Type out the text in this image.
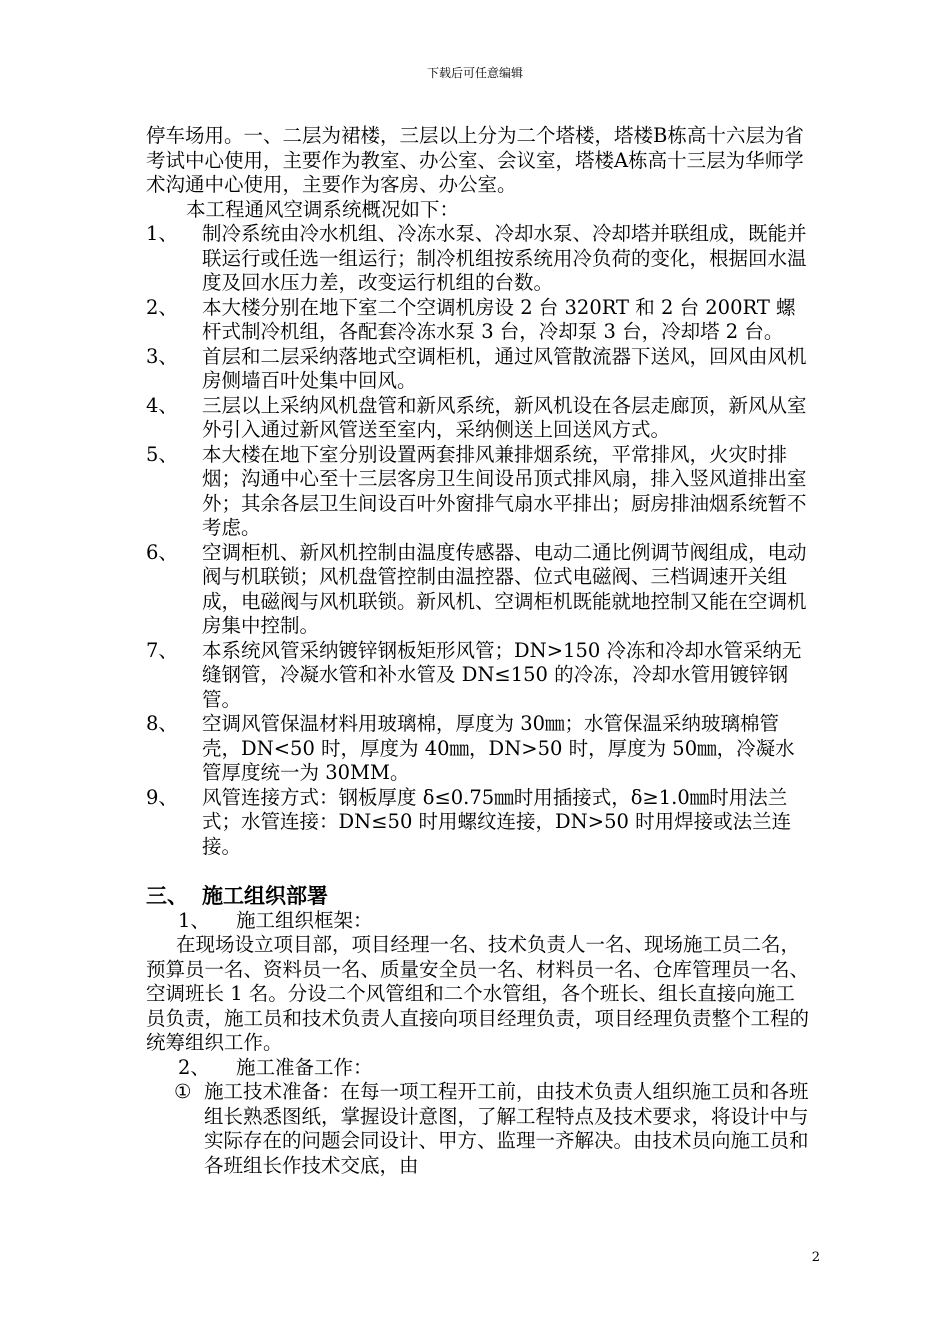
下载后可任意编辑

停车场用。一、二层为裙楼，三层以上分为二个塔楼，塔楼B栋高十六层为省考试中心使用，主要作为教室、办公室、会议室，塔楼A栋高十三层为华师学术沟通中心使用，主要作为客房、办公室。

本工程通风空调系统概况如下：

1、	制冷系统由冷水机组、冷冻水泵、冷却水泵、冷却塔并联组成，既能并联运行或任选一组运行；制冷机组按系统用冷负荷的变化，根据回水温度及回水压力差，改变运行机组的台数。
2、	本大楼分别在地下室二个空调机房设 2 台 320RT 和 2 台 200RT 螺杆式制冷机组，各配套冷冻水泵 3 台，冷却泵 3 台，冷却塔 2 台。
3、	首层和二层采纳落地式空调柜机，通过风管散流器下送风，回风由风机房侧墙百叶处集中回风。
4、	三层以上采纳风机盘管和新风系统，新风机设在各层走廊顶，新风从室外引入通过新风管送至室内，采纳侧送上回送风方式。
5、	本大楼在地下室分别设置两套排风兼排烟系统，平常排风，火灾时排烟；沟通中心至十三层客房卫生间设吊顶式排风扇，排入竖风道排出室外；其余各层卫生间设百叶外窗排气扇水平排出；厨房排油烟系统暂不考虑。
6、	空调柜机、新风机控制由温度传感器、电动二通比例调节阀组成，电动阀与机联锁；风机盘管控制由温控器、位式电磁阀、三档调速开关组成，电磁阀与风机联锁。新风机、空调柜机既能就地控制又能在空调机房集中控制。
7、	本系统风管采纳镀锌钢板矩形风管；DN>150 冷冻和冷却水管采纳无缝钢管，冷凝水管和补水管及 DN≤150 的冷冻，冷却水管用镀锌钢管。
8、	空调风管保温材料用玻璃棉，厚度为 30㎜；水管保温采纳玻璃棉管壳，DN<50 时，厚度为 40㎜，DN>50 时，厚度为 50㎜，冷凝水管厚度统一为 30MM。
9、	风管连接方式：钢板厚度 δ≤0.75㎜时用插接式，δ≥1.0㎜时用法兰式；水管连接：DN≤50 时用螺纹连接，DN>50 时用焊接或法兰连接。
三、 施工组织部署
1、	施工组织框架：

在现场设立项目部，项目经理一名、技术负责人一名、现场施工员二名，预算员一名、资料员一名、质量安全员一名、材料员一名、仓库管理员一名、空调班长 1 名。分设二个风管组和二个水管组，各个班长、组长直接向施工员负责，施工员和技术负责人直接向项目经理负责，项目经理负责整个工程的统筹组织工作。

2、	施工准备工作：
① 施工技术准备：在每一项工程开工前，由技术负责人组织施工员和各班组长熟悉图纸，掌握设计意图，了解工程特点及技术要求，将设计中与实际存在的问题会同设计、甲方、监理一齐解决。由技术员向施工员和各班组长作技术交底，由
2
